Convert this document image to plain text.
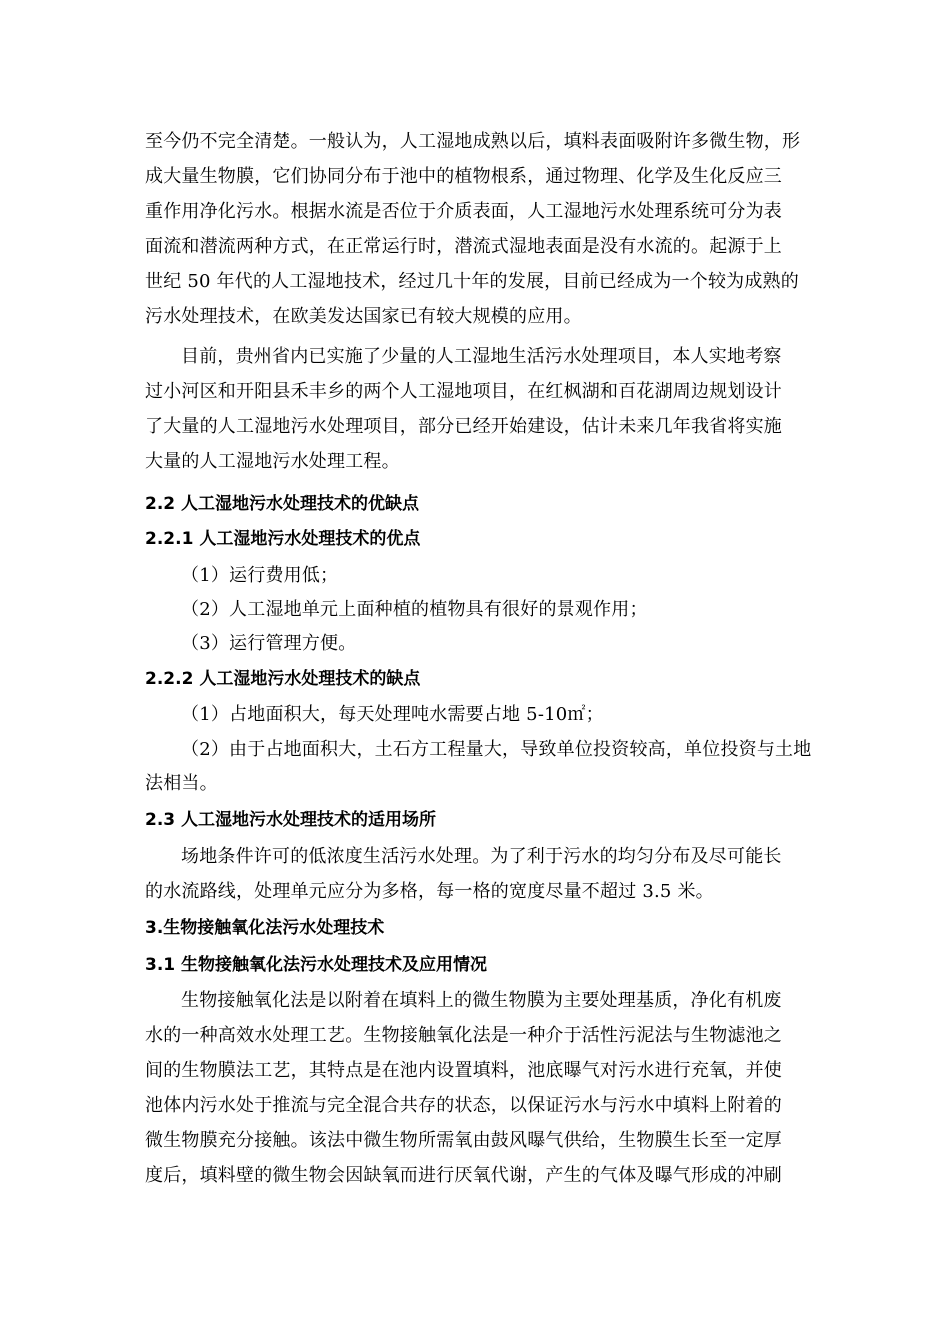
至今仍不完全清楚。一般认为，人工湿地成熟以后，填料表面吸附许多微生物，形
成大量生物膜，它们协同分布于池中的植物根系，通过物理、化学及生化反应三
重作用净化污水。根据水流是否位于介质表面，人工湿地污水处理系统可分为表
面流和潜流两种方式，在正常运行时，潜流式湿地表面是没有水流的。起源于上
世纪 50 年代的人工湿地技术，经过几十年的发展，目前已经成为一个较为成熟的
污水处理技术，在欧美发达国家已有较大规模的应用。
目前，贵州省内已实施了少量的人工湿地生活污水处理项目，本人实地考察
过小河区和开阳县禾丰乡的两个人工湿地项目，在红枫湖和百花湖周边规划设计
了大量的人工湿地污水处理项目，部分已经开始建设，估计未来几年我省将实施
大量的人工湿地污水处理工程。
2.2 人工湿地污水处理技术的优缺点
2.2.1 人工湿地污水处理技术的优点
（1）运行费用低；
（2）人工湿地单元上面种植的植物具有很好的景观作用；
（3）运行管理方便。
2.2.2 人工湿地污水处理技术的缺点
（1）占地面积大，每天处理吨水需要占地 5-10㎡；
（2）由于占地面积大，土石方工程量大，导致单位投资较高，单位投资与土地
法相当。
2.3 人工湿地污水处理技术的适用场所
场地条件许可的低浓度生活污水处理。为了利于污水的均匀分布及尽可能长
的水流路线，处理单元应分为多格，每一格的宽度尽量不超过 3.5 米。
3.生物接触氧化法污水处理技术
3.1 生物接触氧化法污水处理技术及应用情况
生物接触氧化法是以附着在填料上的微生物膜为主要处理基质，净化有机废
水的一种高效水处理工艺。生物接触氧化法是一种介于活性污泥法与生物滤池之
间的生物膜法工艺，其特点是在池内设置填料，池底曝气对污水进行充氧，并使
池体内污水处于推流与完全混合共存的状态，以保证污水与污水中填料上附着的
微生物膜充分接触。该法中微生物所需氧由鼓风曝气供给，生物膜生长至一定厚
度后，填料壁的微生物会因缺氧而进行厌氧代谢，产生的气体及曝气形成的冲刷
